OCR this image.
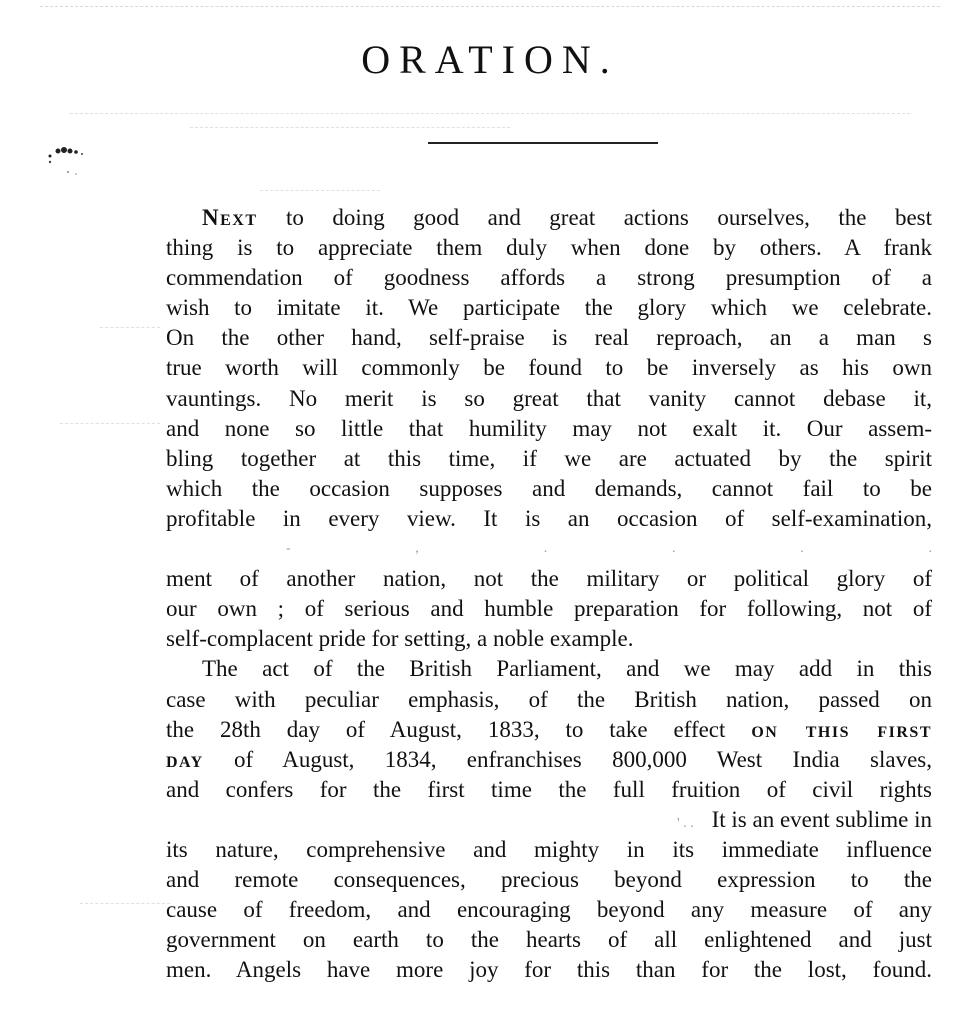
ORATION.
Next to doing good and great actions ourselves, the best
thing is to appreciate them duly when done by others. A frank
commendation of goodness affords a strong presumption of a
wish to imitate it. We participate the glory which we celebrate.
On the other hand, self-praise is real reproach, an a man s
true worth will commonly be found to be inversely as his own
vauntings. No merit is so great that vanity cannot debase it,
and none so little that humility may not exalt it. Our assem-
bling together at this time, if we are actuated by the spirit
which the occasion supposes and demands, cannot fail to be
profitable in every view. It is an occasion of self-examination,
- , . . . .
ment of another nation, not the military or political glory of
our own ; of serious and humble preparation for following, not of
self-complacent pride for setting, a noble example.
The act of the British Parliament, and we may add in this
case with peculiar emphasis, of the British nation, passed on
the 28th day of August, 1833, to take effect on this first
day of August, 1834, enfranchises 800,000 West India slaves,
and confers for the first time the full fruition of civil rights
' . . It is an event sublime in
its nature, comprehensive and mighty in its immediate influence
and remote consequences, precious beyond expression to the
cause of freedom, and encouraging beyond any measure of any
government on earth to the hearts of all enlightened and just
men. Angels have more joy for this than for the lost, found.
